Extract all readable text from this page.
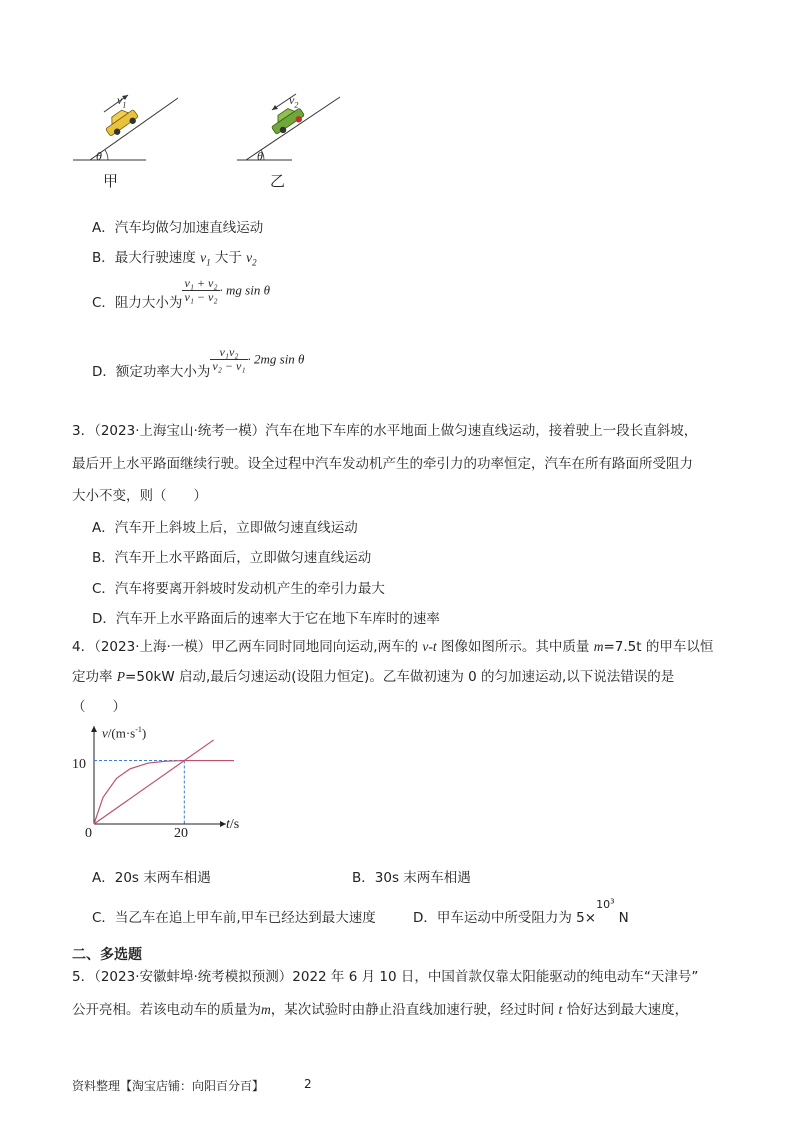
$v_1$
θ
甲
$v_2$
θ
乙
A．汽车均做匀加速直线运动
B．最大行驶速度 $v_1$ 大于 $v_2$
C．阻力大小为 $\frac{\text{v₁ + v₂}}{\text{v₁ − v₂}}$ · mg sin θ
D．额定功率大小为 $\frac{\text{v₁v₂}}{\text{v₂ − v₁}} \cdot 2mg$ sin θ
3．（2023·上海宝山·统考一模）汽车在地下车库的水平地面上做匀速直线运动，接着驶上一段长直斜坡，
最后开上水平路面继续行驶。设全过程中汽车发动机产生的牵引力的功率恒定，汽车在所有路面所受阻力
大小不变，则（　　）
A．汽车开上斜坡上后，立即做匀速直线运动
B．汽车开上水平路面后，立即做匀速直线运动
C．汽车将要离开斜坡时发动机产生的牵引力最大
D．汽车开上水平路面后的速率大于它在地下车库时的速率
4．（2023·上海·一模）甲乙两车同时同地同向运动,两车的 v-t 图像如图所示。其中质量 m=7.5t 的甲车以恒
定功率 P=50kW 启动,最后匀速运动(设阻力恒定)。乙车做初速为 0 的匀加速运动,以下说法错误的是
（　　）
$v/(m\cdot s^{-1})$
10
20
0
t/s
A．20s 末两车相遇	B．30s 末两车相遇
C．当乙车在追上甲车前,甲车已经达到最大速度	D．甲车运动中所受阻力为 5×$^{10^3}$N
二、多选题
5．（2023·安徽蚌埠·统考模拟预测）2022 年 6 月 10 日，中国首款仅靠太阳能驱动的纯电动车“天津号”
公开亮相。若该电动车的质量为m，某次试验时由静止沿直线加速行驶，经过时间 t 恰好达到最大速度，
资料整理【淘宝店铺：向阳百分百】	2
